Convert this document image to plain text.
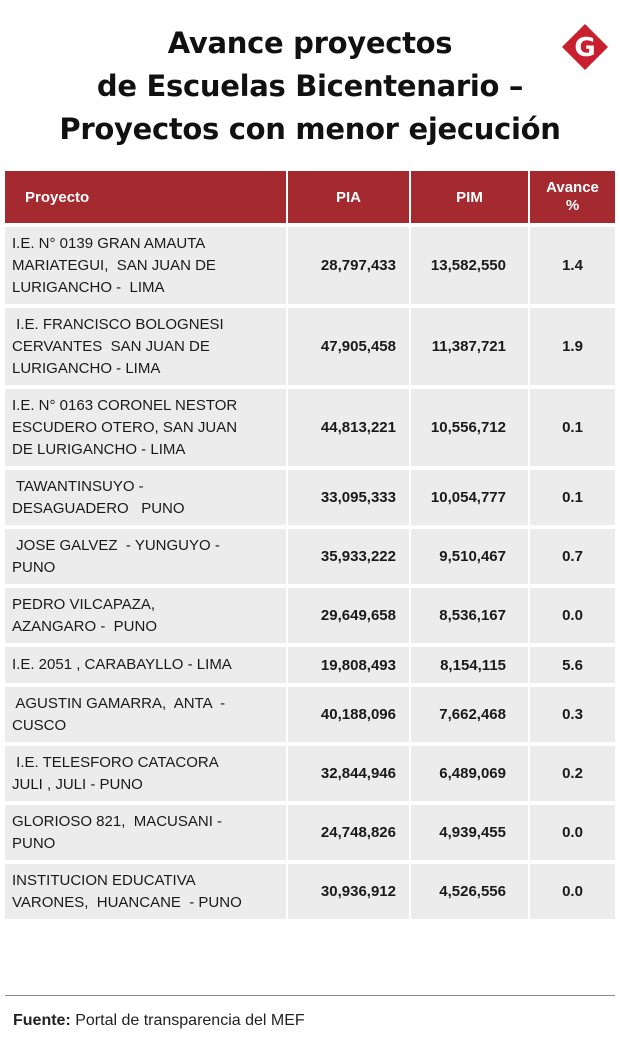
Avance proyectos
de Escuelas Bicentenario –
Proyectos con menor ejecución
G
Proyecto	PIA	PIM	Avance
%
I.E. N° 0139 GRAN AMAUTA
MARIATEGUI,  SAN JUAN DE
LURIGANCHO -  LIMA	28,797,433	13,582,550	1.4
I.E. FRANCISCO BOLOGNESI
CERVANTES  SAN JUAN DE
LURIGANCHO - LIMA	47,905,458	11,387,721	1.9
I.E. N° 0163 CORONEL NESTOR
ESCUDERO OTERO, SAN JUAN
DE LURIGANCHO - LIMA	44,813,221	10,556,712	0.1
TAWANTINSUYO -
DESAGUADERO   PUNO	33,095,333	10,054,777	0.1
JOSE GALVEZ  - YUNGUYO -
PUNO	35,933,222	9,510,467	0.7
PEDRO VILCAPAZA,
AZANGARO -  PUNO	29,649,658	8,536,167	0.0
I.E. 2051 , CARABAYLLO - LIMA	19,808,493	8,154,115	5.6
AGUSTIN GAMARRA,  ANTA  -
CUSCO	40,188,096	7,662,468	0.3
I.E. TELESFORO CATACORA
JULI , JULI - PUNO	32,844,946	6,489,069	0.2
GLORIOSO 821,  MACUSANI -
PUNO	24,748,826	4,939,455	0.0
INSTITUCION EDUCATIVA
VARONES,  HUANCANE  - PUNO	30,936,912	4,526,556	0.0
Fuente: Portal de transparencia del MEF
